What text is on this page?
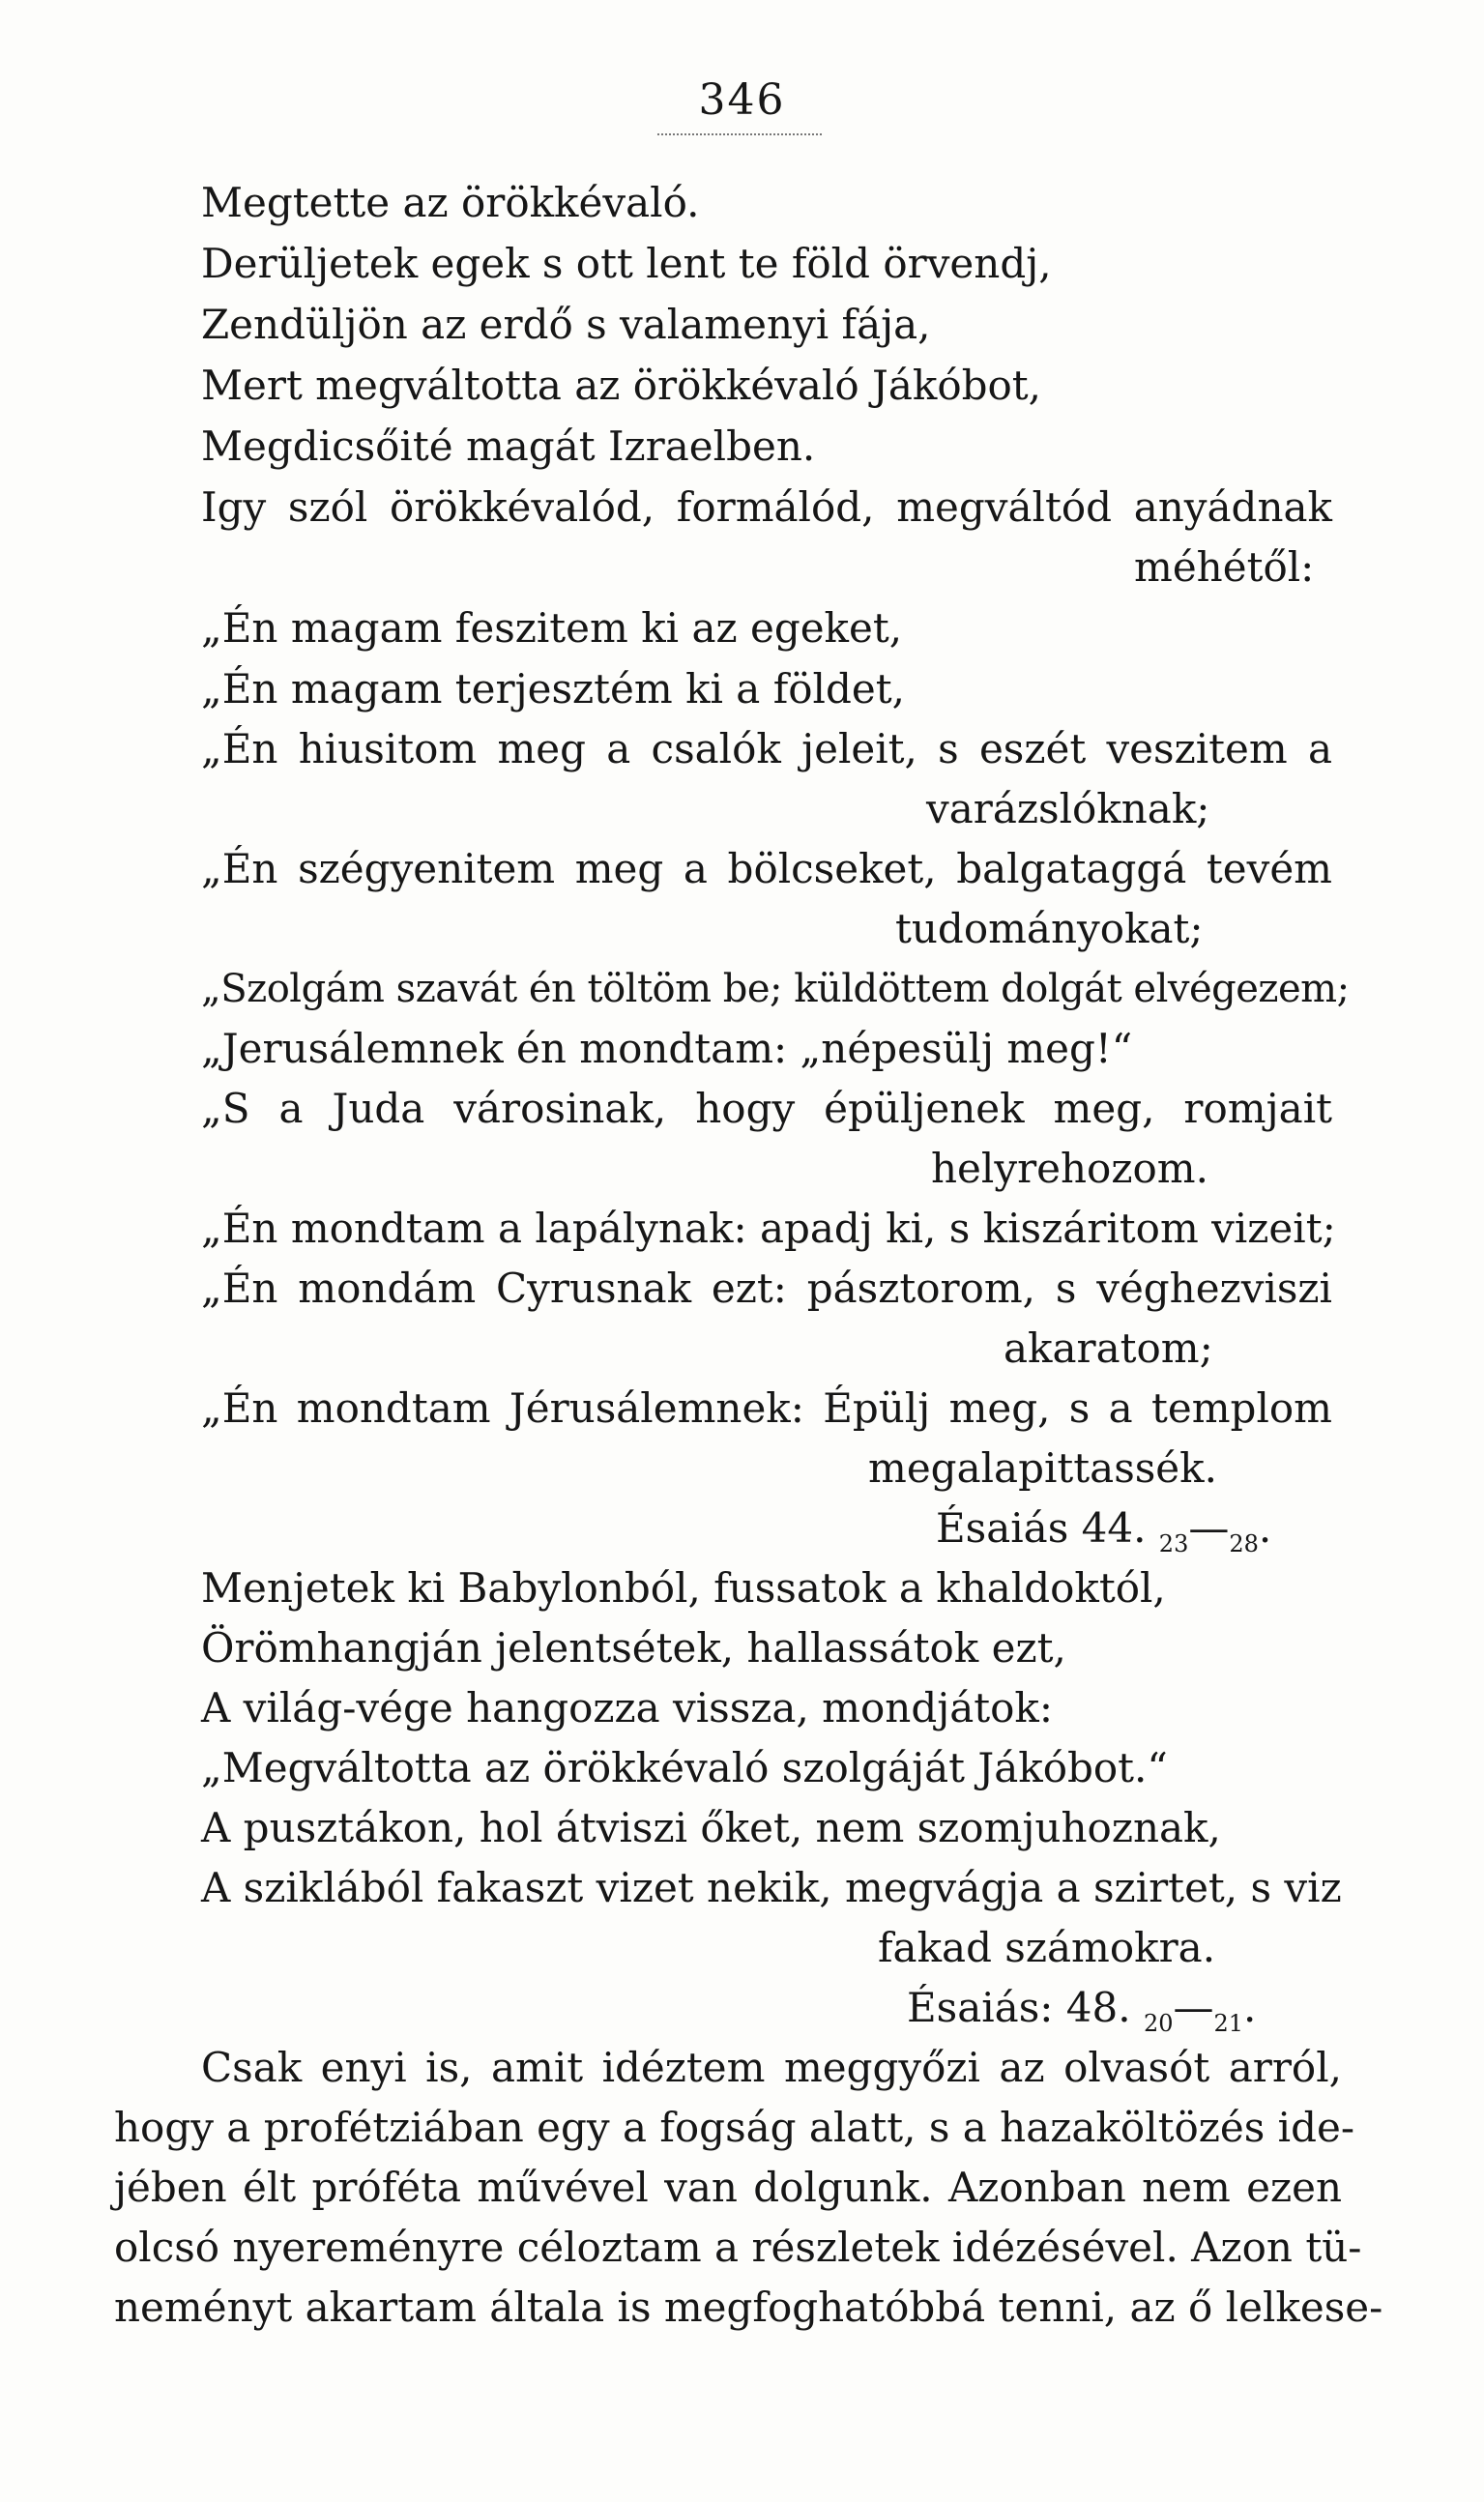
346
Megtette az örökkévaló.
Derüljetek egek s ott lent te föld örvendj,
Zendüljön az erdő s valamenyi fája,
Mert megváltotta az örökkévaló Jákóbot,
Megdicsőité magát Izraelben.
Igy szól örökkévalód, formálód, megváltód anyádnak
méhétől:
„Én magam feszitem ki az egeket,
„Én magam terjesztém ki a földet,
„Én hiusitom meg a csalók jeleit, s eszét veszitem a
varázslóknak;
„Én szégyenitem meg a bölcseket, balgataggá tevém
tudományokat;
„Szolgám szavát én töltöm be; küldöttem dolgát elvégezem;
„Jerusálemnek én mondtam: „népesülj meg!“
„S a Juda városinak, hogy épüljenek meg, romjait
helyrehozom.
„Én mondtam a lapálynak: apadj ki, s kiszáritom vizeit;
„Én mondám Cyrusnak ezt: pásztorom, s véghezviszi
akaratom;
„Én mondtam Jérusálemnek: Épülj meg, s a templom
megalapittassék.
Ésaiás 44. $_{23}—_{28}$.
Menjetek ki Babylonból, fussatok a khaldoktól,
Örömhangján jelentsétek, hallassátok ezt,
A világ-vége hangozza vissza, mondjátok:
„Megváltotta az örökkévaló szolgáját Jákóbot.“
A pusztákon, hol átviszi őket, nem szomjuhoznak,
A sziklából fakaszt vizet nekik, megvágja a szirtet, s viz
fakad számokra.
Ésaiás: 48. $_{20}—_{21}$.
Csak enyi is, amit idéztem meggyőzi az olvasót arról,
hogy a profétziában egy a fogság alatt, s a hazaköltözés ide-
jében élt próféta művével van dolgunk. Azonban nem ezen
olcsó nyereményre céloztam a részletek idézésével. Azon tü-
neményt akartam általa is megfoghatóbbá tenni, az ő lelkese-
